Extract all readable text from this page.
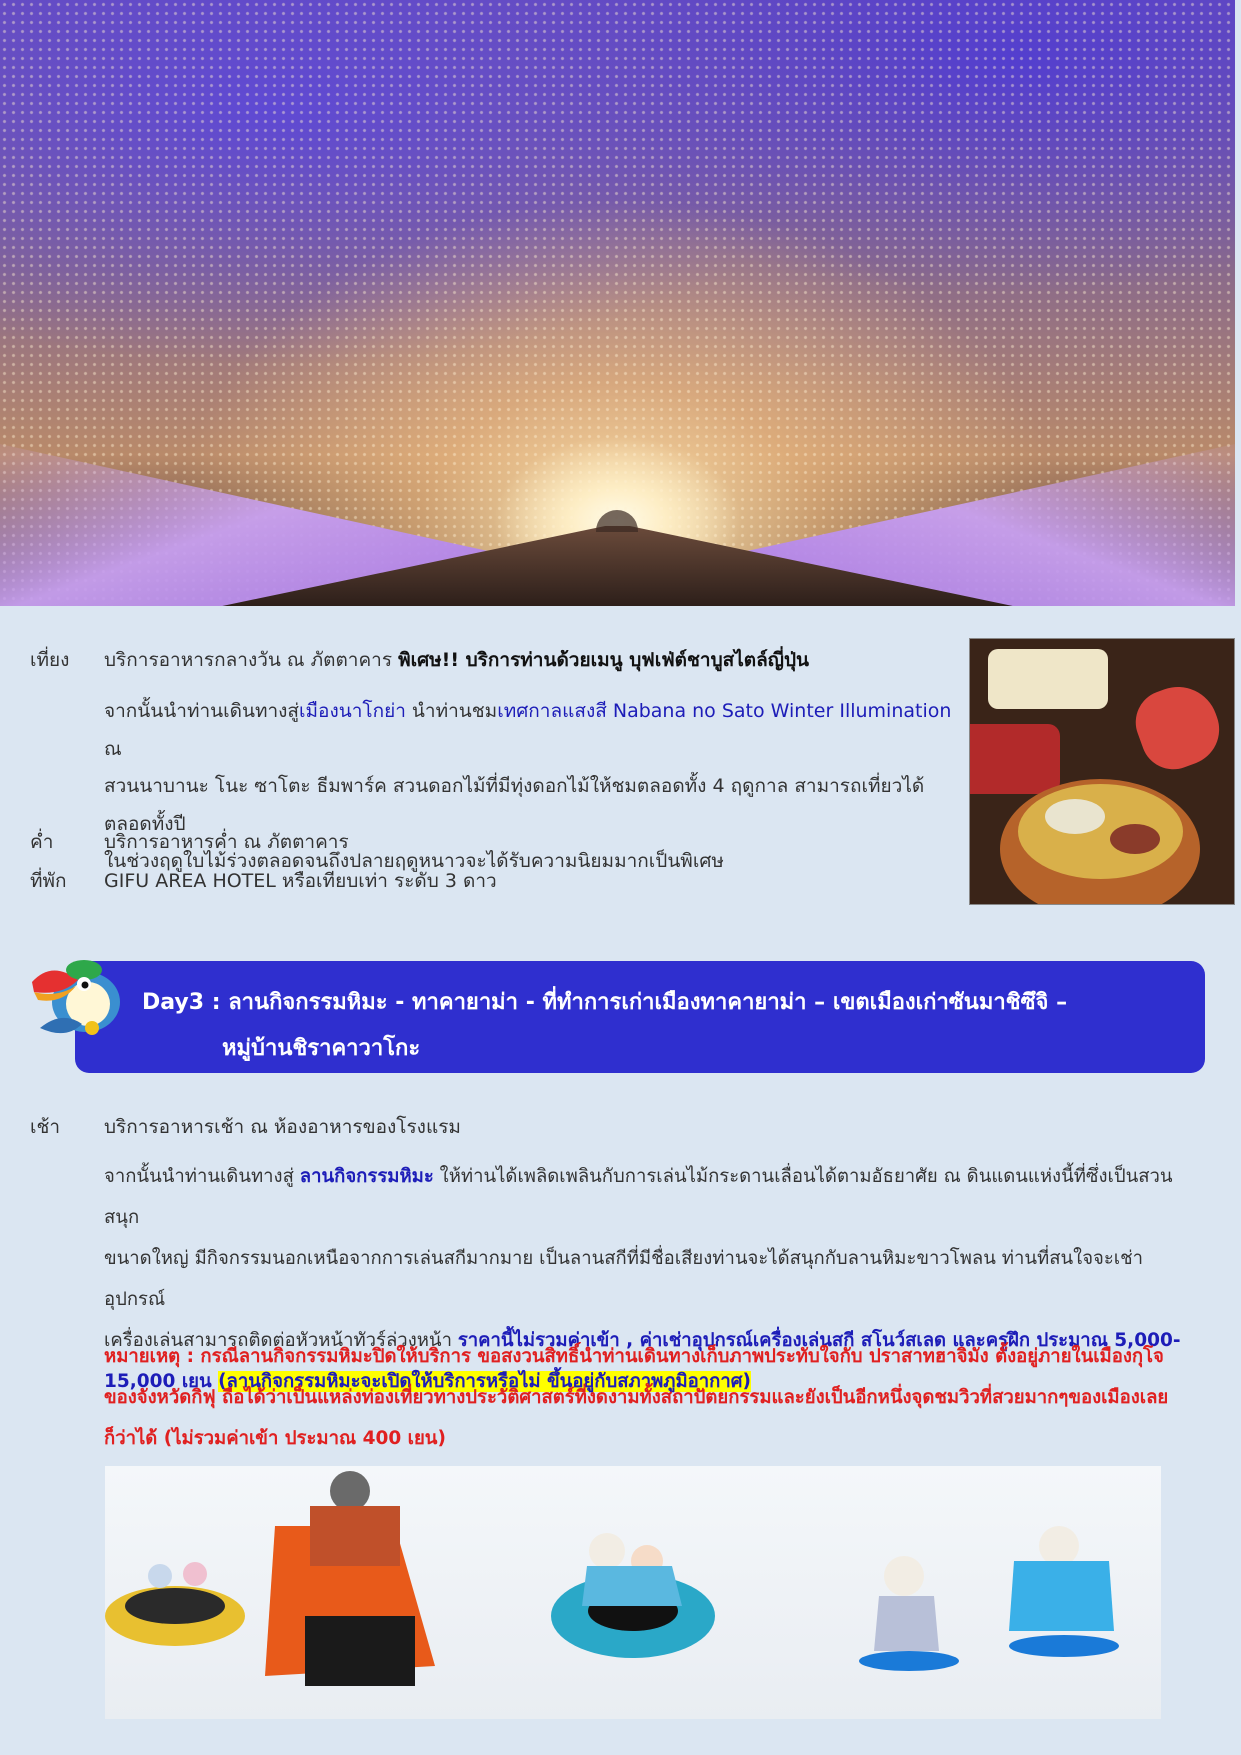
เที่ยง บริการอาหารกลางวัน ณ ภัตตาคาร พิเศษ!! บริการท่านด้วยเมนู บุฟเฟ่ต์ชาบูสไตล์ญี่ปุ่น

จากนั้นนำท่านเดินทางสู่เมืองนาโกย่า นำท่านชมเทศกาลแสงสี Nabana no Sato Winter Illumination ณ

สวนนาบานะ โนะ ซาโตะ ธีมพาร์ค สวนดอกไม้ที่มีทุ่งดอกไม้ให้ชมตลอดทั้ง 4 ฤดูกาล สามารถเที่ยวได้ตลอดทั้งปี

ในช่วงฤดูใบไม้ร่วงตลอดจนถึงปลายฤดูหนาวจะได้รับความนิยมมากเป็นพิเศษ

ค่ำ	บริการอาหารค่ำ ณ ภัตตาคาร
ที่พัก GIFU AREA HOTEL หรือเทียบเท่า ระดับ 3 ดาว
Day3 : ลานกิจกรรมหิมะ - ทาคายาม่า - ที่ทำการเก่าเมืองทาคายาม่า – เขตเมืองเก่าซันมาชิซึจิ –
หมู่บ้านชิราคาวาโกะ
เช้า บริการอาหารเช้า ณ ห้องอาหารของโรงแรม

จากนั้นนำท่านเดินทางสู่ ลานกิจกรรมหิมะ ให้ท่านได้เพลิดเพลินกับการเล่นไม้กระดานเลื่อนได้ตามอัธยาศัย ณ ดินแดนแห่งนี้ที่ซึ่งเป็นสวนสนุก

ขนาดใหญ่ มีกิจกรรมนอกเหนือจากการเล่นสกีมากมาย เป็นลานสกีที่มีชื่อเสียงท่านจะได้สนุกกับลานหิมะขาวโพลน ท่านที่สนใจจะเช่าอุปกรณ์

เครื่องเล่นสามารถติดต่อหัวหน้าทัวร์ล่วงหน้า ราคานี้ไม่รวมค่าเข้า , ค่าเช่าอุปกรณ์เครื่องเล่นสกี สโนว์สเลด และครูฝึก ประมาณ 5,000-

15,000 เยน (ลานกิจกรรมหิมะจะเปิดให้บริการหรือไม่ ขึ้นอยู่กับสภาพภูมิอากาศ)

หมายเหตุ : กรณีลานกิจกรรมหิมะปิดให้บริการ ขอสงวนสิทธิ์นำท่านเดินทางเก็บภาพประทับใจกับ ปราสาทฮาจิมัง ตั้งอยู่ภายในเมืองกุโจ

ของจังหวัดกิฟุ ถือได้ว่าเป็นแหล่งท่องเที่ยวทางประวัติศาสตร์ที่งดงามทั้งสถาปัตยกรรมและยังเป็นอีกหนึ่งจุดชมวิวที่สวยมากๆของเมืองเลย

ก็ว่าได้ (ไม่รวมค่าเข้า ประมาณ 400 เยน)
